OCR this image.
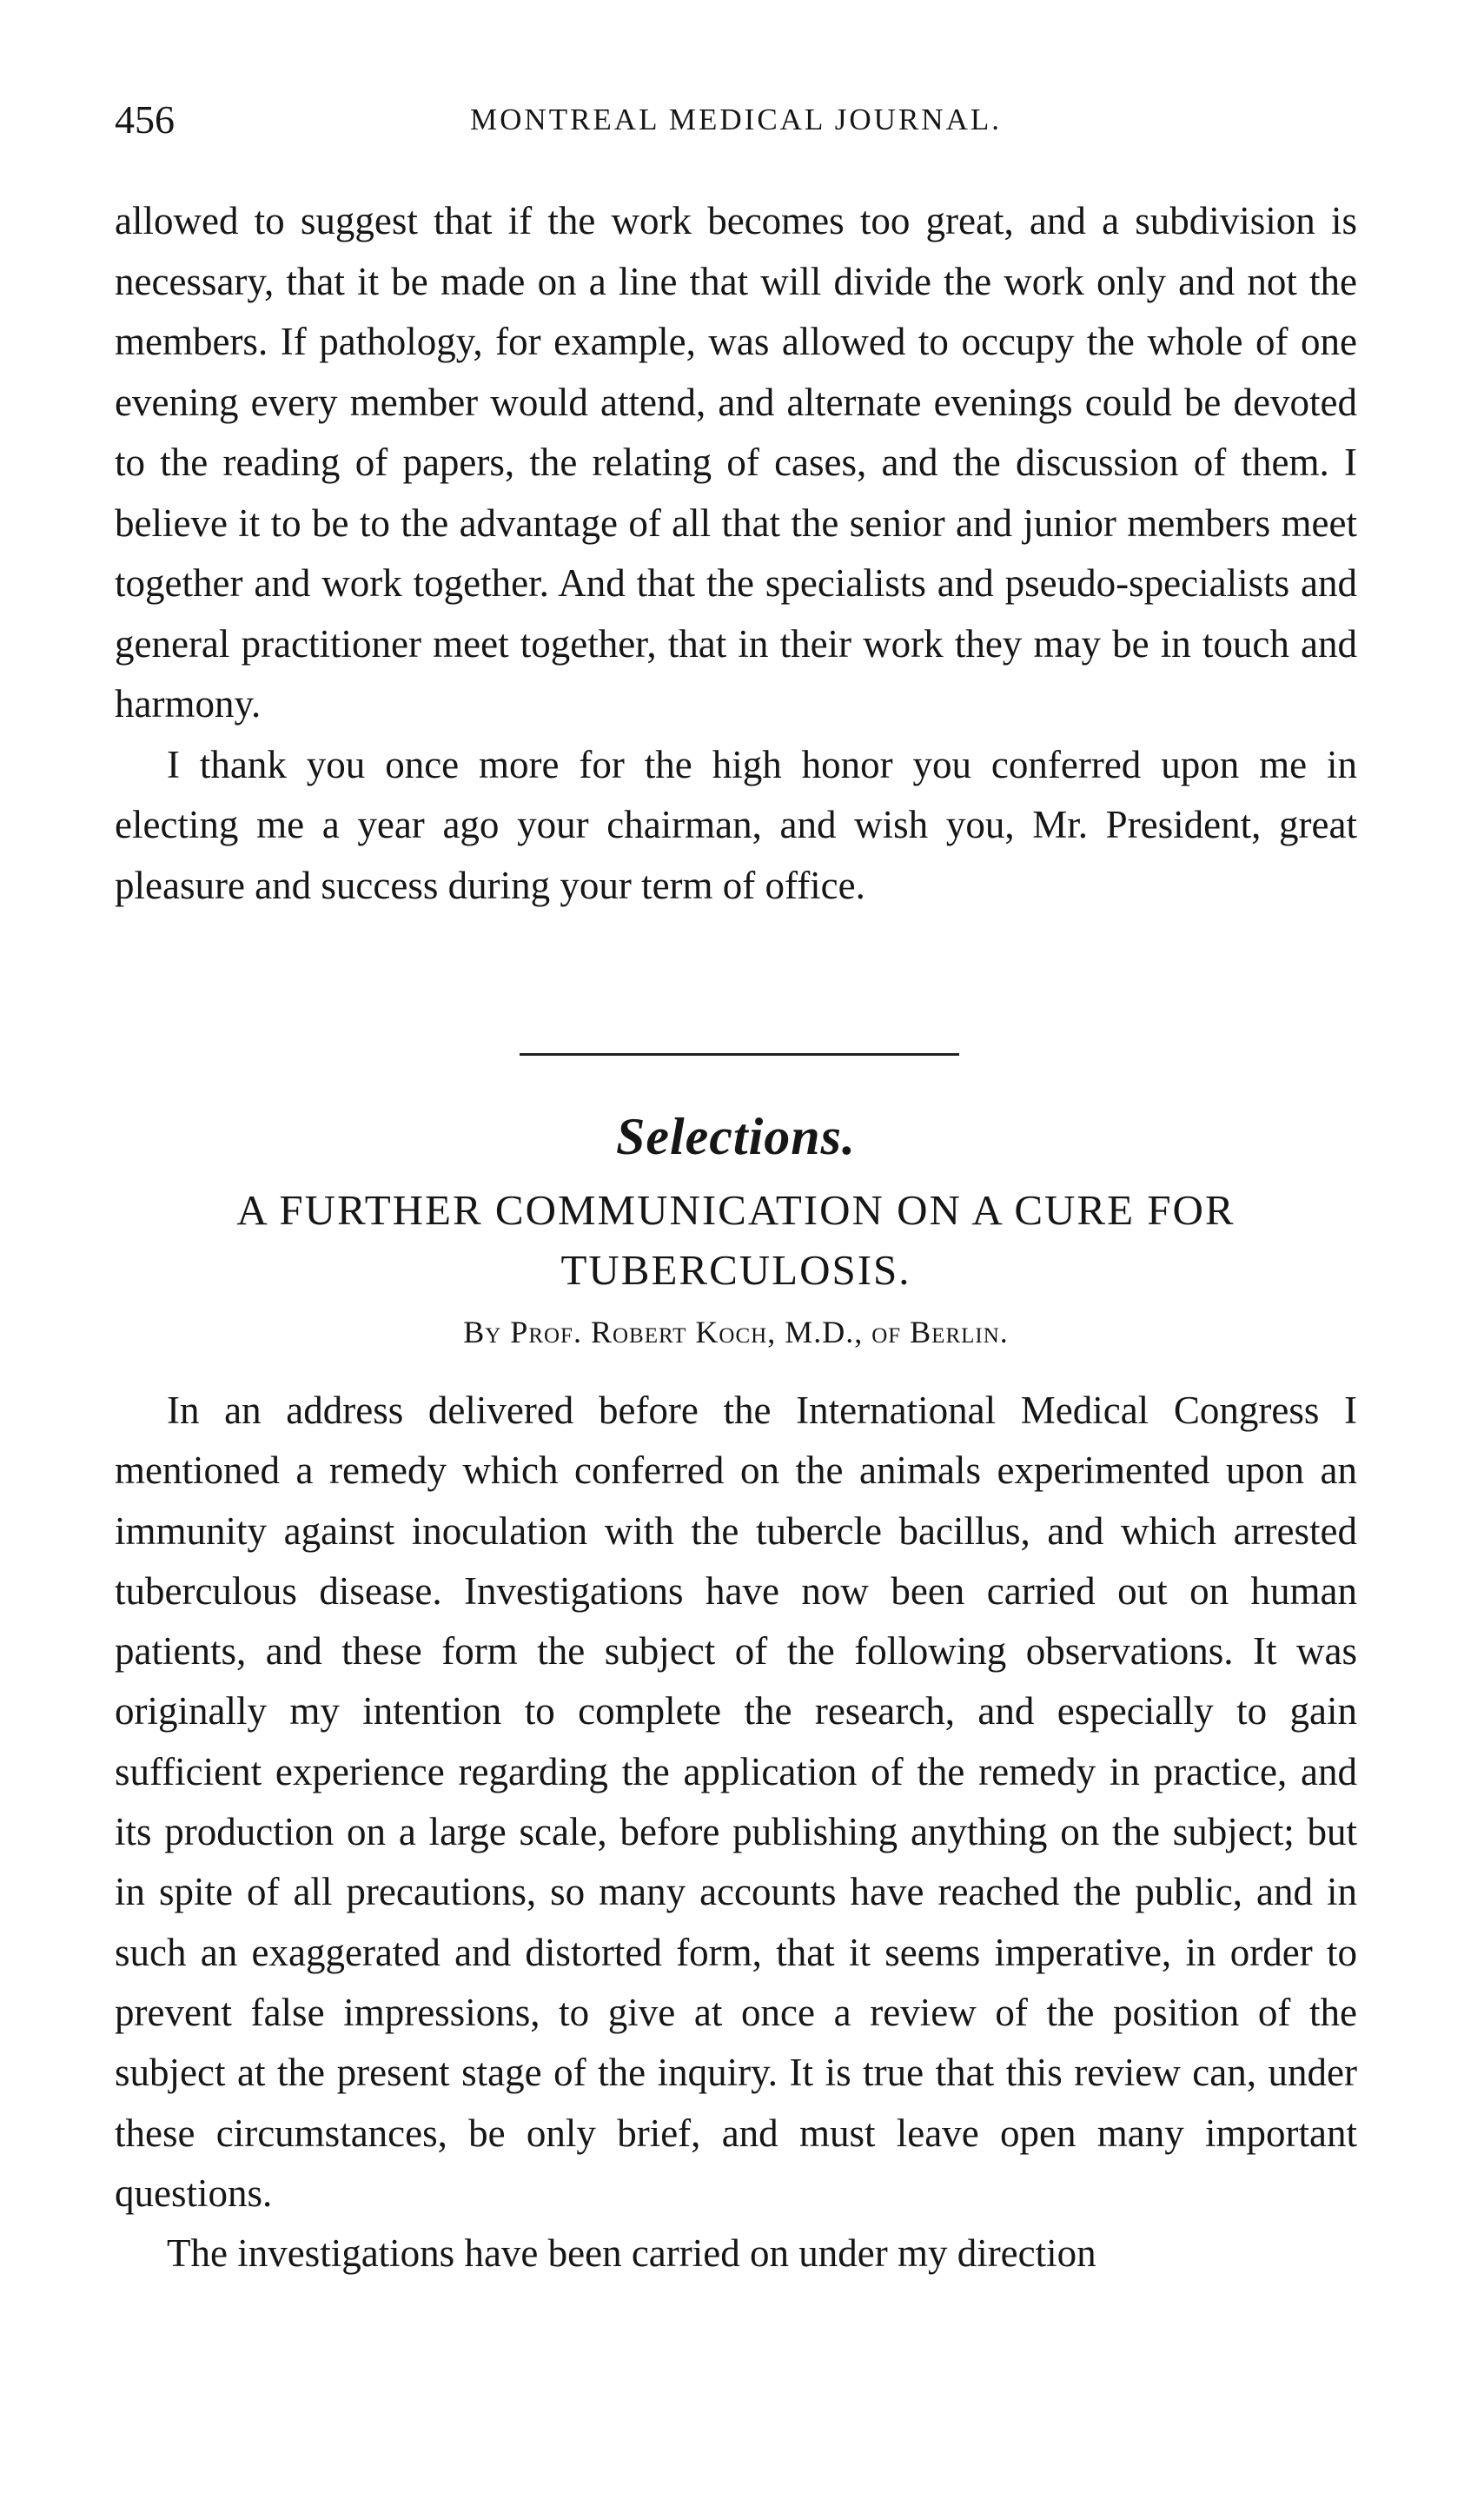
456	MONTREAL MEDICAL JOURNAL.

allowed to suggest that if the work becomes too great, and a subdivision is necessary, that it be made on a line that will divide the work only and not the members. If pathology, for example, was allowed to occupy the whole of one evening every member would attend, and alternate evenings could be devoted to the reading of papers, the relating of cases, and the discussion of them. I believe it to be to the advantage of all that the senior and junior members meet together and work together. And that the specialists and pseudo-specialists and general practitioner meet together, that in their work they may be in touch and harmony.

I thank you once more for the high honor you conferred upon me in electing me a year ago your chairman, and wish you, Mr. President, great pleasure and success during your term of office.

Selections.
A FURTHER COMMUNICATION ON A CURE FOR TUBERCULOSIS.
By Prof. Robert Koch, M.D., of Berlin.

In an address delivered before the International Medical Congress I mentioned a remedy which conferred on the animals experimented upon an immunity against inoculation with the tubercle bacillus, and which arrested tuberculous disease. Investigations have now been carried out on human patients, and these form the subject of the following observations. It was originally my intention to complete the research, and especially to gain sufficient experience regarding the application of the remedy in practice, and its production on a large scale, before publishing anything on the subject; but in spite of all precautions, so many accounts have reached the public, and in such an exaggerated and distorted form, that it seems imperative, in order to prevent false impressions, to give at once a review of the position of the subject at the present stage of the inquiry. It is true that this review can, under these circumstances, be only brief, and must leave open many important questions.

The investigations have been carried on under my direction
